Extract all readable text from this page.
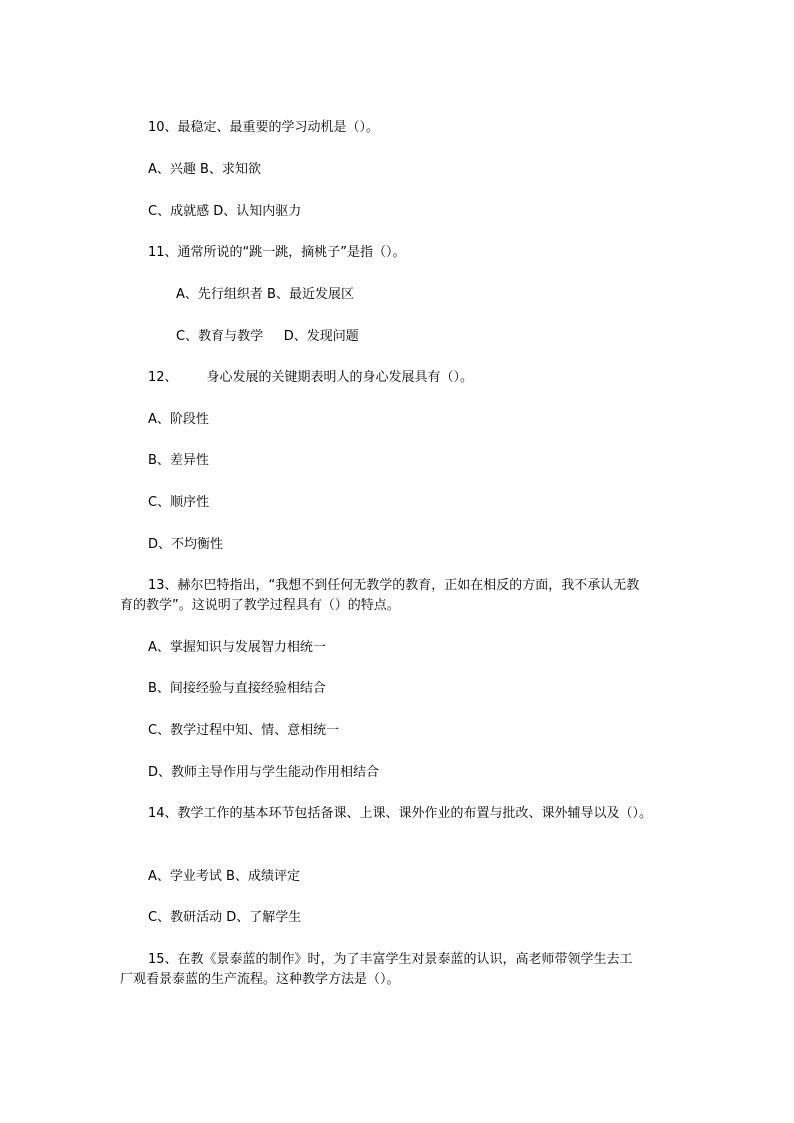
10、最稳定、最重要的学习动机是（）。
A、兴趣 B、求知欲
C、成就感 D、认知内驱力
11、通常所说的“跳一跳，摘桃子”是指（）。
A、先行组织者 B、最近发展区
C、教育与教学     D、发现问题
12、       身心发展的关键期表明人的身心发展具有（）。
A、阶段性
B、差异性
C、顺序性
D、不均衡性
13、赫尔巴特指出，“我想不到任何无教学的教育，正如在相反的方面，我不承认无教
育的教学”。这说明了教学过程具有（）的特点。
A、掌握知识与发展智力相统一
B、间接经验与直接经验相结合
C、教学过程中知、情、意相统一
D、教师主导作用与学生能动作用相结合
14、教学工作的基本环节包括备课、上课、课外作业的布置与批改、课外辅导以及（）。
A、学业考试 B、成绩评定
C、教研活动 D、了解学生
15、在教《景泰蓝的制作》时，为了丰富学生对景泰蓝的认识，高老师带领学生去工
厂观看景泰蓝的生产流程。这种教学方法是（）。
